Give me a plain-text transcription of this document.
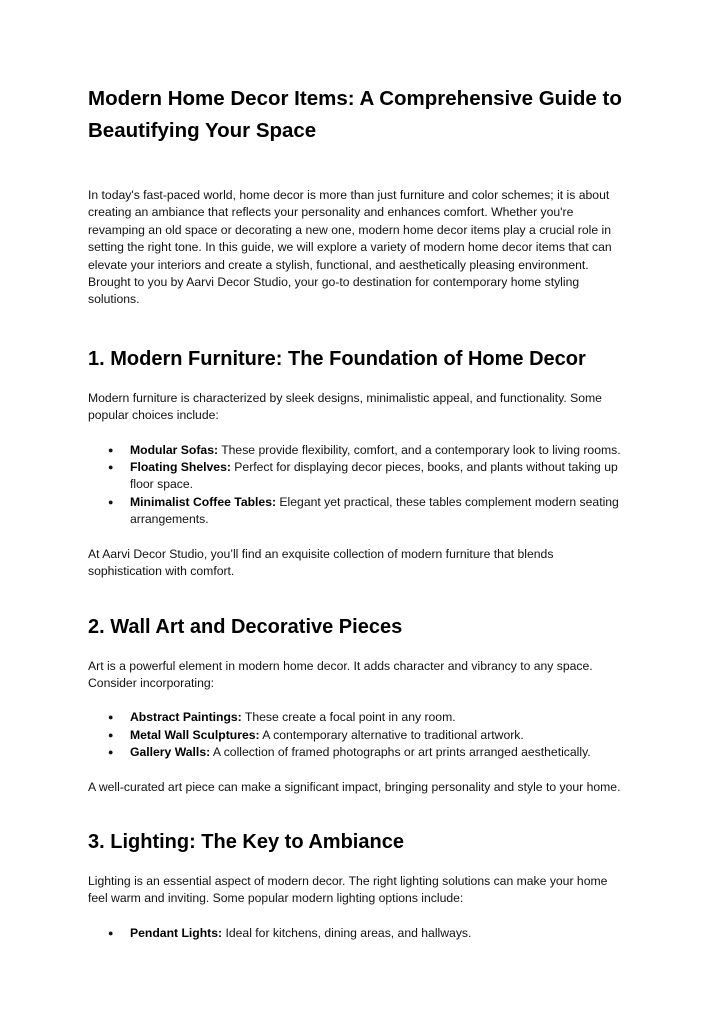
Modern Home Decor Items: A Comprehensive Guide to Beautifying Your Space

In today's fast-paced world, home decor is more than just furniture and color schemes; it is about creating an ambiance that reflects your personality and enhances comfort. Whether you're revamping an old space or decorating a new one, modern home decor items play a crucial role in setting the right tone. In this guide, we will explore a variety of modern home decor items that can elevate your interiors and create a stylish, functional, and aesthetically pleasing environment. Brought to you by Aarvi Decor Studio, your go-to destination for contemporary home styling solutions.

1. Modern Furniture: The Foundation of Home Decor

Modern furniture is characterized by sleek designs, minimalistic appeal, and functionality. Some popular choices include:

● Modular Sofas: These provide flexibility, comfort, and a contemporary look to living rooms.
● Floating Shelves: Perfect for displaying decor pieces, books, and plants without taking up floor space.
● Minimalist Coffee Tables: Elegant yet practical, these tables complement modern seating arrangements.

At Aarvi Decor Studio, you’ll find an exquisite collection of modern furniture that blends sophistication with comfort.

2. Wall Art and Decorative Pieces

Art is a powerful element in modern home decor. It adds character and vibrancy to any space. Consider incorporating:

● Abstract Paintings: These create a focal point in any room.
● Metal Wall Sculptures: A contemporary alternative to traditional artwork.
● Gallery Walls: A collection of framed photographs or art prints arranged aesthetically.

A well-curated art piece can make a significant impact, bringing personality and style to your home.

3. Lighting: The Key to Ambiance

Lighting is an essential aspect of modern decor. The right lighting solutions can make your home feel warm and inviting. Some popular modern lighting options include:

● Pendant Lights: Ideal for kitchens, dining areas, and hallways.
